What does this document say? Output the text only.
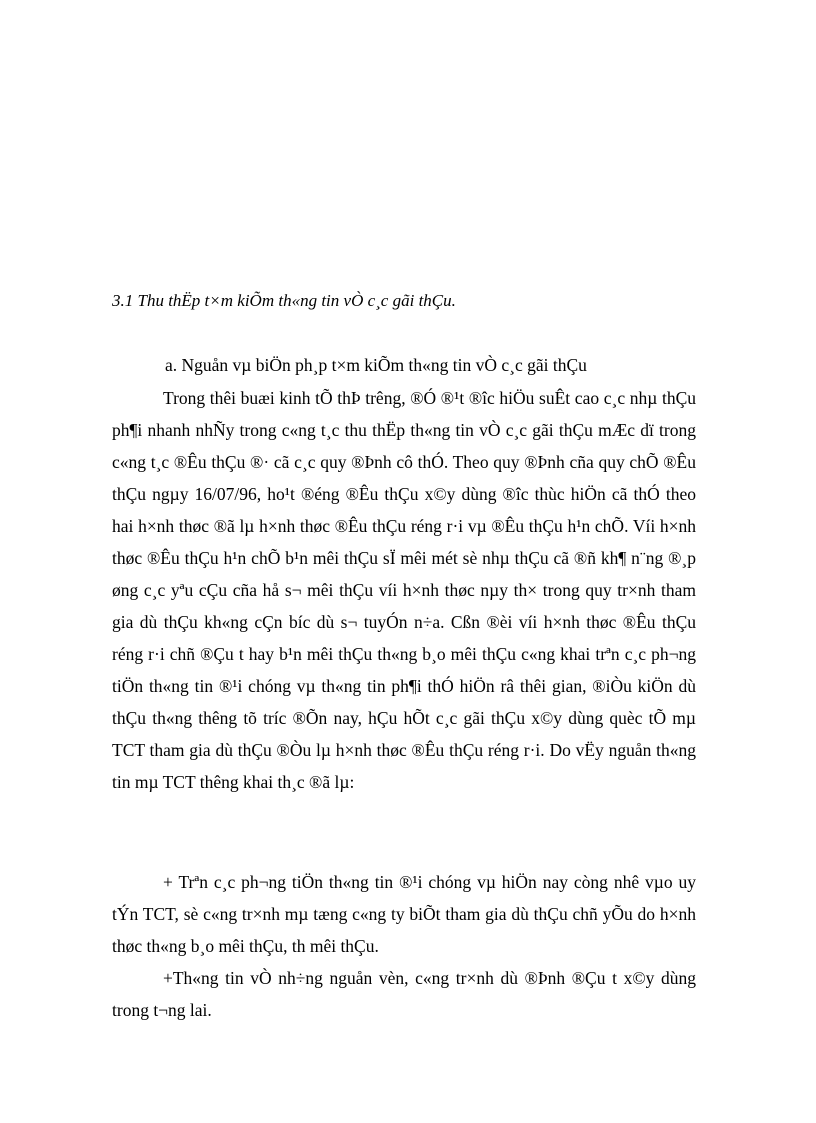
3.1 Thu thËp t×m kiÕm th«ng tin vÒ c¸c gãi thÇu.
a. Nguån vµ biÖn ph¸p t×m kiÕm th«ng tin vÒ c¸c gãi thÇu

Trong thêi buæi kinh tÕ thÞ trêng, ®Ó ®¹t ®îc hiÖu suÊt cao c¸c nhµ thÇu ph¶i nhanh nhÑy trong c«ng t¸c thu thËp th«ng tin vÒ c¸c gãi thÇu mÆc dï trong c«ng t¸c ®Êu thÇu ®· cã c¸c quy ®Þnh cô thÓ. Theo quy ®Þnh cña quy chÕ ®Êu thÇu ngµy 16/07/96, ho¹t ®éng ®Êu thÇu x©y dùng ®îc thùc hiÖn cã thÓ theo hai h×nh thøc ®ã lµ h×nh thøc ®Êu thÇu réng r·i vµ ®Êu thÇu h¹n chÕ. Víi h×nh thøc ®Êu thÇu h¹n chÕ b¹n mêi thÇu sÏ mêi mét sè nhµ thÇu cã ®ñ kh¶ n¨ng ®¸p øng c¸c yªu cÇu cña hå s¬ mêi thÇu víi h×nh thøc nµy th× trong quy tr×nh tham gia dù thÇu kh«ng cÇn bíc dù s¬ tuyÓn n÷a. Cßn ®èi víi h×nh thøc ®Êu thÇu réng r·i chñ ®Çu t hay b¹n mêi thÇu th«ng b¸o mêi thÇu c«ng khai trªn c¸c ph¬ng tiÖn th«ng tin ®¹i chóng vµ th«ng tin ph¶i thÓ hiÖn râ thêi gian, ®iÒu kiÖn dù thÇu th«ng thêng tõ tríc ®Õn nay, hÇu hÕt c¸c gãi thÇu x©y dùng quèc tÕ mµ TCT tham gia dù thÇu ®Òu lµ h×nh thøc ®Êu thÇu réng r·i. Do vËy nguån th«ng tin mµ TCT thêng khai th¸c ®ã lµ:

+ Trªn c¸c ph¬ng tiÖn th«ng tin ®¹i chóng vµ hiÖn nay còng nhê vµo uy tÝn TCT, sè c«ng tr×nh mµ tæng c«ng ty biÕt tham gia dù thÇu chñ yÕu do h×nh thøc th«ng b¸o mêi thÇu, th mêi thÇu.

+Th«ng tin vÒ nh÷ng nguån vèn, c«ng tr×nh dù ®Þnh ®Çu t x©y dùng trong t¬ng lai.
